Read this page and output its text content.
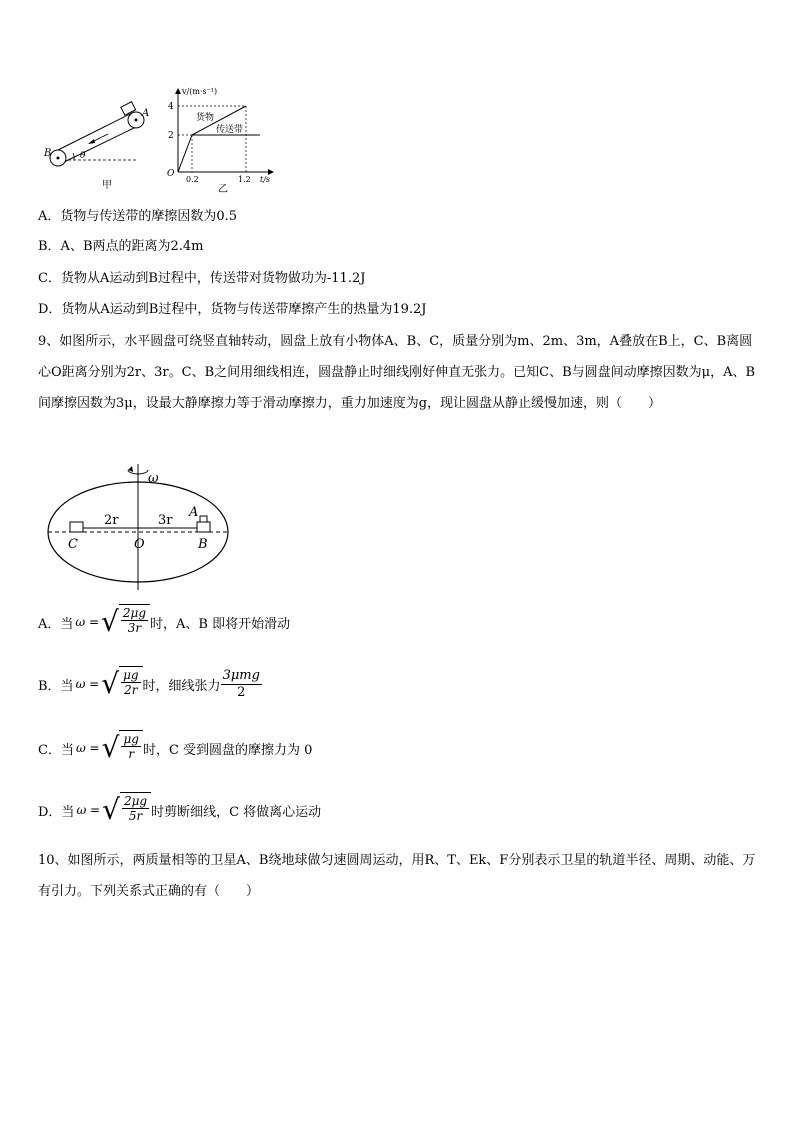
B
A
θ
甲
v/(m·s⁻¹)
4
2
O
0.2	1.2 t/s
货物
传送带
乙
A．货物与传送带的摩擦因数为0.5
B．A、B两点的距离为2.4m
C．货物从A运动到B过程中，传送带对货物做功为-11.2J
D．货物从A运动到B过程中，货物与传送带摩擦产生的热量为19.2J
9、如图所示，水平圆盘可绕竖直轴转动，圆盘上放有小物体A、B、C，质量分别为m、2m、3m，A叠放在B上，C、B离圆心O距离分别为2r、3r。C、B之间用细线相连，圆盘静止时细线刚好伸直无张力。已知C、B与圆盘间动摩擦因数为μ，A、B间摩擦因数为3μ，设最大静摩擦力等于滑动摩擦力，重力加速度为g，现让圆盘从静止缓慢加速，则（　　）
ω
2r	3r
A
C	O	B
A．当 ω = √ $\frac{2\mu g}{3r}$ 时，A、B 即将开始滑动
B．当 ω = √ $\frac{\mu g}{2r}$ 时，细线张力 $\frac{\text{3μmg}}{2}$
C．当 ω = √ $\frac{\mu g}{r}$ 时，C 受到圆盘的摩擦力为 0
D．当 ω = √ $\frac{2\mu g}{5r}$ 时剪断细线，C 将做离心运动
10、如图所示，两质量相等的卫星A、B绕地球做匀速圆周运动，用R、T、Ek、F分别表示卫星的轨道半径、周期、动能、万有引力。下列关系式正确的有（　　）
